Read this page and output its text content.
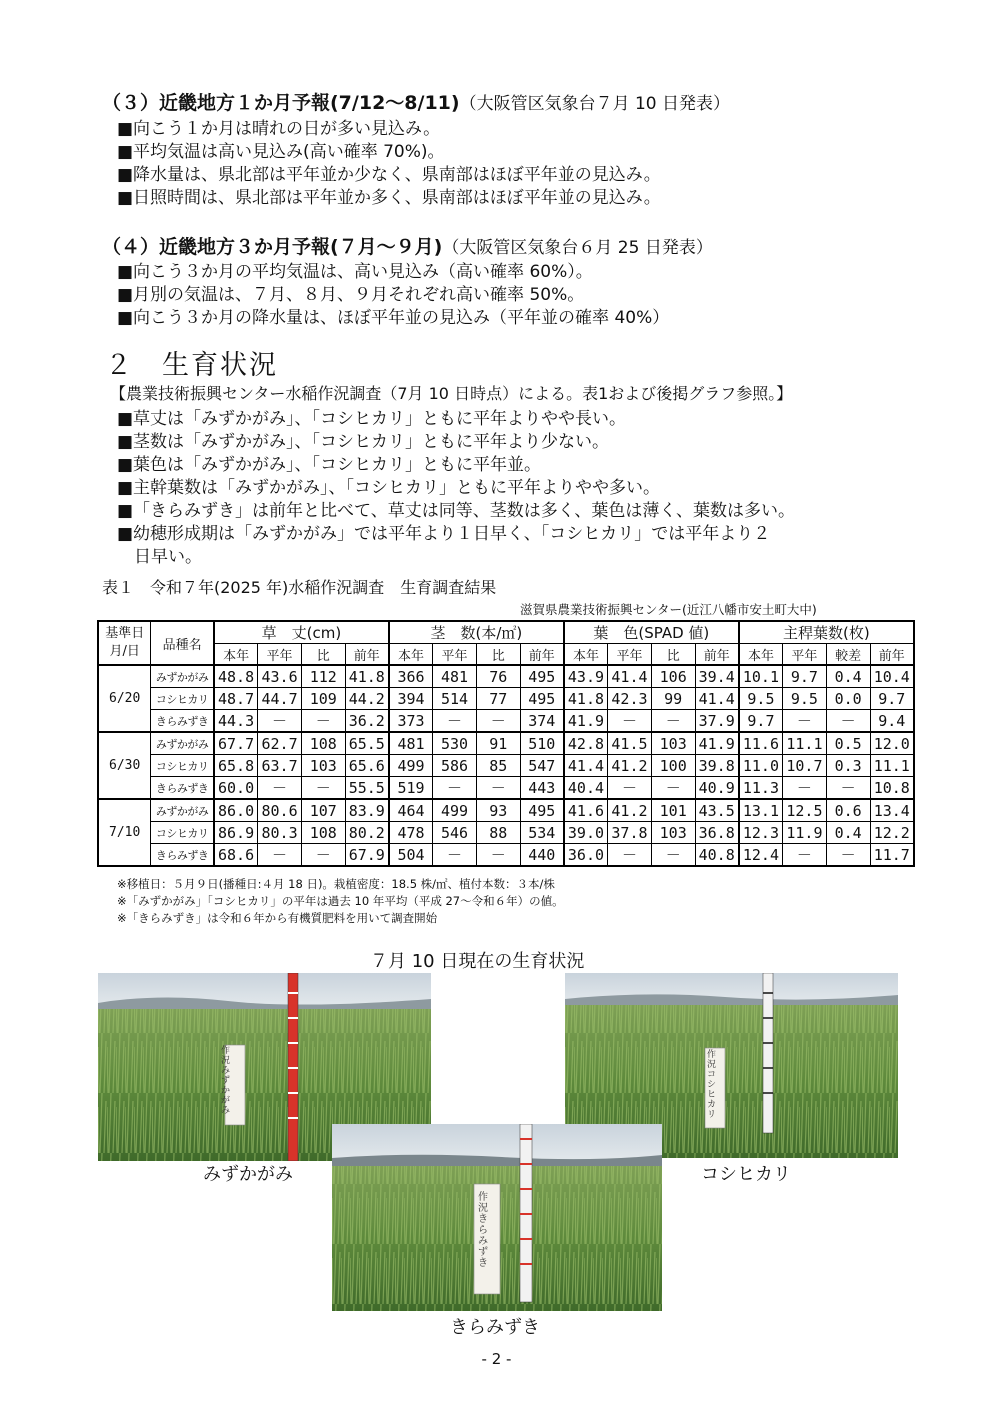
（３）近畿地方１か月予報(7/12～8/11)（大阪管区気象台７月 10 日発表）
■向こう１か月は晴れの日が多い見込み。
■平均気温は高い見込み(高い確率 70%)。
■降水量は、県北部は平年並か少なく、県南部はほぼ平年並の見込み。
■日照時間は、県北部は平年並か多く、県南部はほぼ平年並の見込み。
（４）近畿地方３か月予報(７月～９月)（大阪管区気象台６月 25 日発表）
■向こう３か月の平均気温は、高い見込み（高い確率 60%）。
■月別の気温は、７月、８月、９月それぞれ高い確率 50%。
■向こう３か月の降水量は、ほぼ平年並の見込み（平年並の確率 40%）
２ 生育状況
【農業技術振興センター水稲作況調査（7月 10 日時点）による。表1および後掲グラフ参照。】
■草丈は「みずかがみ」、「コシヒカリ」ともに平年よりやや長い。
■茎数は「みずかがみ」、「コシヒカリ」ともに平年より少ない。
■葉色は「みずかがみ」、「コシヒカリ」ともに平年並。
■主幹葉数は「みずかがみ」、「コシヒカリ」ともに平年よりやや多い。
■「きらみずき」は前年と比べて、草丈は同等、茎数は多く、葉色は薄く、葉数は多い。
■幼穂形成期は「みずかがみ」では平年より１日早く、「コシヒカリ」では平年より２
　日早い。
表１　令和７年(2025 年)水稲作況調査　生育調査結果
滋賀県農業技術振興センター(近江八幡市安土町大中)
基準日
月/日	品種名	草　丈(cm)				茎　数(本/㎡)				葉　色(SPAD 値)				主稈葉数(枚)			
		本年	平年	比	前年	本年	平年	比	前年	本年	平年	比	前年	本年	平年	較差	前年
6/20	みずかがみ	48.8	43.6	112	41.8	366	481	76	495	43.9	41.4	106	39.4	10.1	9.7	0.4	10.4
	コシヒカリ	48.7	44.7	109	44.2	394	514	77	495	41.8	42.3	99	41.4	9.5	9.5	0.0	9.7
	きらみずき	44.3	－	－	36.2	373	－	－	374	41.9	－	－	37.9	9.7	－	－	9.4
6/30	みずかがみ	67.7	62.7	108	65.5	481	530	91	510	42.8	41.5	103	41.9	11.6	11.1	0.5	12.0
	コシヒカリ	65.8	63.7	103	65.6	499	586	85	547	41.4	41.2	100	39.8	11.0	10.7	0.3	11.1
	きらみずき	60.0	－	－	55.5	519	－	－	443	40.4	－	－	40.9	11.3	－	－	10.8
7/10	みずかがみ	86.0	80.6	107	83.9	464	499	93	495	41.6	41.2	101	43.5	13.1	12.5	0.6	13.4
	コシヒカリ	86.9	80.3	108	80.2	478	546	88	534	39.0	37.8	103	36.8	12.3	11.9	0.4	12.2
	きらみずき	68.6	－	－	67.9	504	－	－	440	36.0	－	－	40.8	12.4	－	－	11.7
※移植日：５月９日(播種日:４月 18 日)。栽植密度：18.5 株/㎡、植付本数：３本/株
※「みずかがみ」「コシヒカリ」の平年は過去 10 年平均（平成 27～令和６年）の値。
※「きらみずき」は令和６年から有機質肥料を用いて調査開始
７月 10 日現在の生育状況
作況 みずかがみ
みずかがみ
作況 コシヒカリ
コシヒカリ
作況 きらみずき
きらみずき
- 2 -
